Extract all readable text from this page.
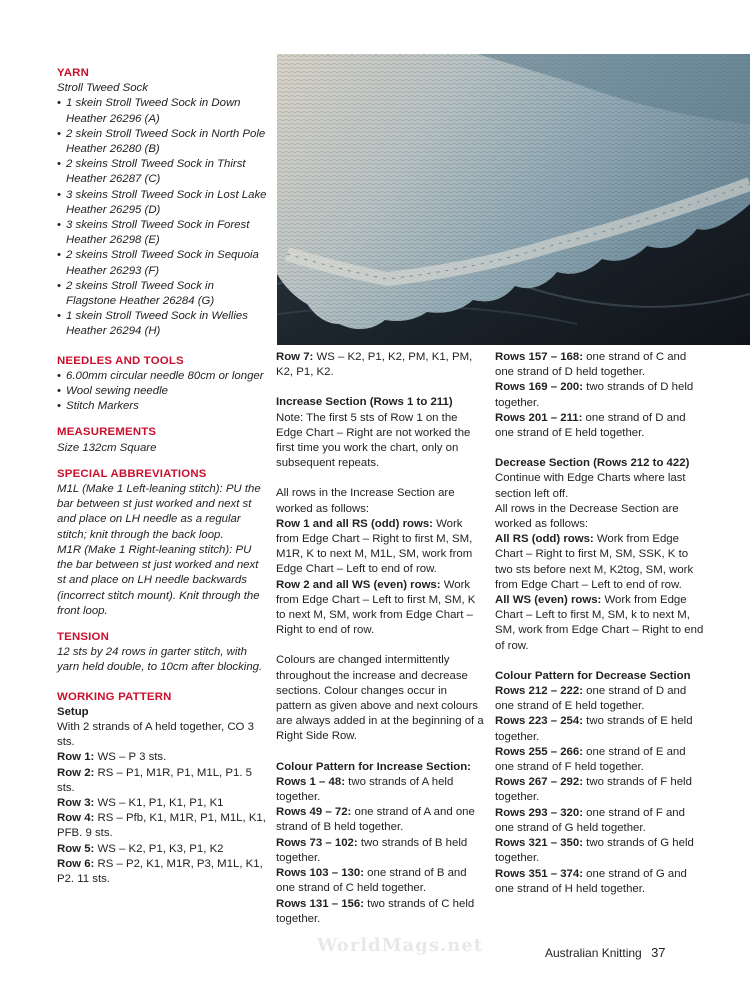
YARN

Stroll Tweed Sock

• 1 skein Stroll Tweed Sock in Down Heather 26296 (A)
• 2 skein Stroll Tweed Sock in North Pole Heather 26280 (B)
• 2 skeins Stroll Tweed Sock in Thirst Heather 26287 (C)
• 3 skeins Stroll Tweed Sock in Lost Lake Heather 26295 (D)
• 3 skeins Stroll Tweed Sock in Forest Heather 26298 (E)
• 2 skeins Stroll Tweed Sock in Sequoia Heather 26293 (F)
• 2 skeins Stroll Tweed Sock in Flagstone Heather 26284 (G)
• 1 skein Stroll Tweed Sock in Wellies Heather 26294 (H)

NEEDLES AND TOOLS

• 6.00mm circular needle 80cm or longer
• Wool sewing needle
• Stitch Markers

MEASUREMENTS

Size 132cm Square

SPECIAL ABBREVIATIONS

M1L (Make 1 Left-leaning stitch): PU the bar between st just worked and next st and place on LH needle as a regular stitch; knit through the back loop.

M1R (Make 1 Right-leaning stitch): PU the bar between st just worked and next st and place on LH needle backwards (incorrect stitch mount). Knit through the front loop.

TENSION

12 sts by 24 rows in garter stitch, with yarn held double, to 10cm after blocking.

WORKING PATTERN

Setup

With 2 strands of A held together, CO 3 sts.

Row 1: WS – P 3 sts.

Row 2: RS – P1, M1R, P1, M1L, P1. 5 sts.

Row 3: WS – K1, P1, K1, P1, K1

Row 4: RS – Pfb, K1, M1R, P1, M1L, K1, PFB. 9 sts.

Row 5: WS – K2, P1, K3, P1, K2

Row 6: RS – P2, K1, M1R, P3, M1L, K1, P2. 11 sts.

Row 7: WS – K2, P1, K2, PM, K1, PM, K2, P1, K2.

Increase Section (Rows 1 to 211)

Note: The first 5 sts of Row 1 on the Edge Chart – Right are not worked the first time you work the chart, only on subsequent repeats.

All rows in the Increase Section are worked as follows:

Row 1 and all RS (odd) rows: Work from Edge Chart – Right to first M, SM, M1R, K to next M, M1L, SM, work from Edge Chart – Left to end of row.

Row 2 and all WS (even) rows: Work from Edge Chart – Left to first M, SM, K to next M, SM, work from Edge Chart – Right to end of row.

Colours are changed intermittently throughout the increase and decrease sections. Colour changes occur in pattern as given above and next colours are always added in at the beginning of a Right Side Row.

Colour Pattern for Increase Section:

Rows 1 – 48: two strands of A held together.

Rows 49 – 72: one strand of A and one strand of B held together.

Rows 73 – 102: two strands of B held together.

Rows 103 – 130: one strand of B and one strand of C held together.

Rows 131 – 156: two strands of C held together.

Rows 157 – 168: one strand of C and one strand of D held together.

Rows 169 – 200: two strands of D held together.

Rows 201 – 211: one strand of D and one strand of E held together.

Decrease Section (Rows 212 to 422)

Continue with Edge Charts where last section left off.

All rows in the Decrease Section are worked as follows:

All RS (odd) rows: Work from Edge Chart – Right to first M, SM, SSK, K to two sts before next M, K2tog, SM, work from Edge Chart – Left to end of row.

All WS (even) rows: Work from Edge Chart – Left to first M, SM, k to next M, SM, work from Edge Chart – Right to end of row.

Colour Pattern for Decrease Section

Rows 212 – 222: one strand of D and one strand of E held together.

Rows 223 – 254: two strands of E held together.

Rows 255 – 266: one strand of E and one strand of F held together.

Rows 267 – 292: two strands of F held together.

Rows 293 – 320: one strand of F and one strand of G held together.

Rows 321 – 350: two strands of G held together.

Rows 351 – 374: one strand of G and one strand of H held together.

WorldMags.net	Australian Knitting 37
